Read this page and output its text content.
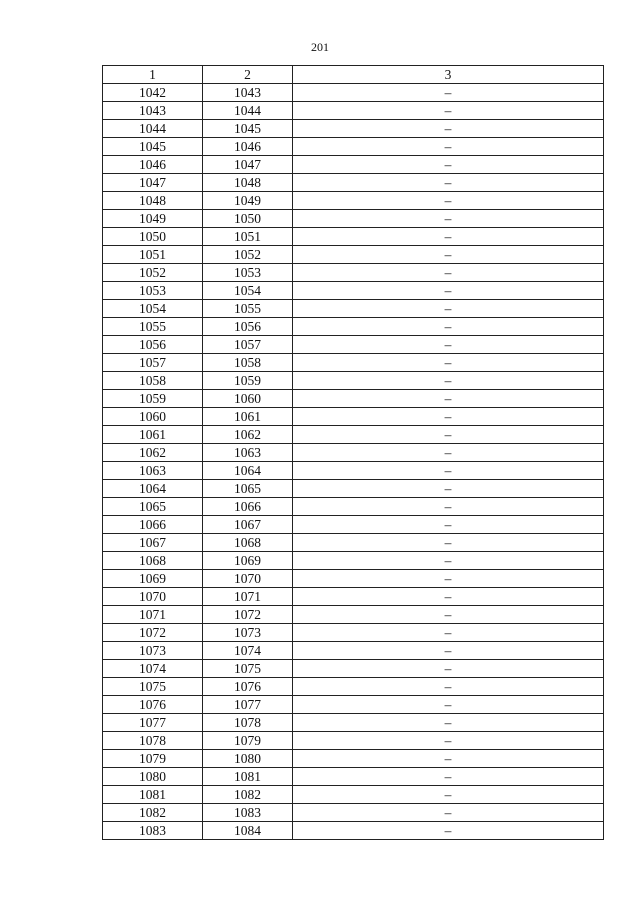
201
1	2	3
1042	1043	–
1043	1044	–
1044	1045	–
1045	1046	–
1046	1047	–
1047	1048	–
1048	1049	–
1049	1050	–
1050	1051	–
1051	1052	–
1052	1053	–
1053	1054	–
1054	1055	–
1055	1056	–
1056	1057	–
1057	1058	–
1058	1059	–
1059	1060	–
1060	1061	–
1061	1062	–
1062	1063	–
1063	1064	–
1064	1065	–
1065	1066	–
1066	1067	–
1067	1068	–
1068	1069	–
1069	1070	–
1070	1071	–
1071	1072	–
1072	1073	–
1073	1074	–
1074	1075	–
1075	1076	–
1076	1077	–
1077	1078	–
1078	1079	–
1079	1080	–
1080	1081	–
1081	1082	–
1082	1083	–
1083	1084	–
